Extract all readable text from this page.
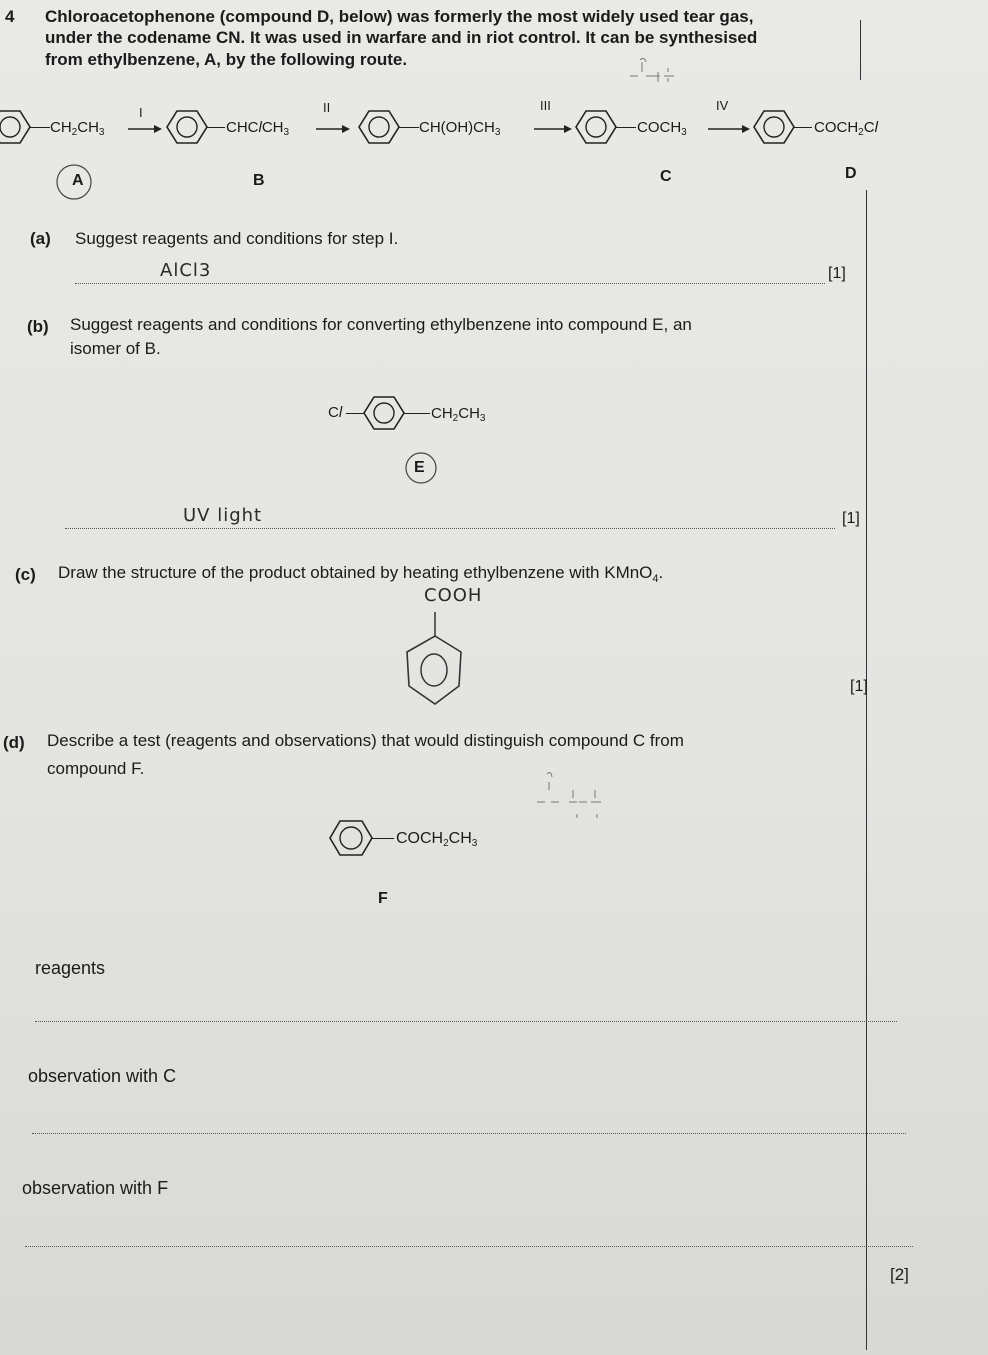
4 Chloroacetophenone (compound D, below) was formerly the most widely used tear gas,
under the codename CN. It was used in warfare and in riot control. It can be synthesised
from ethylbenzene, A, by the following route.
$CH_2CH_3$
I
CHClCH$_3$
II
$CH(OH)CH_3$
III
$COCH_3$
IV
$COCH_2Cl$
A	B	C	D
(a) Suggest reagents and conditions for step I.
AlCl3	[1]
(b) Suggest reagents and conditions for converting ethylbenzene into compound E, an
isomer of B.
Cl	$CH_2CH_3$
E
UV light	[1]
(c) Draw the structure of the product obtained by heating ethylbenzene with KMnO$_4$.
COOH
[1]
(d) Describe a test (reagents and observations) that would distinguish compound C from
compound F.
$COCH_2CH_3$
F
reagents
observation with C
observation with F
[2]
